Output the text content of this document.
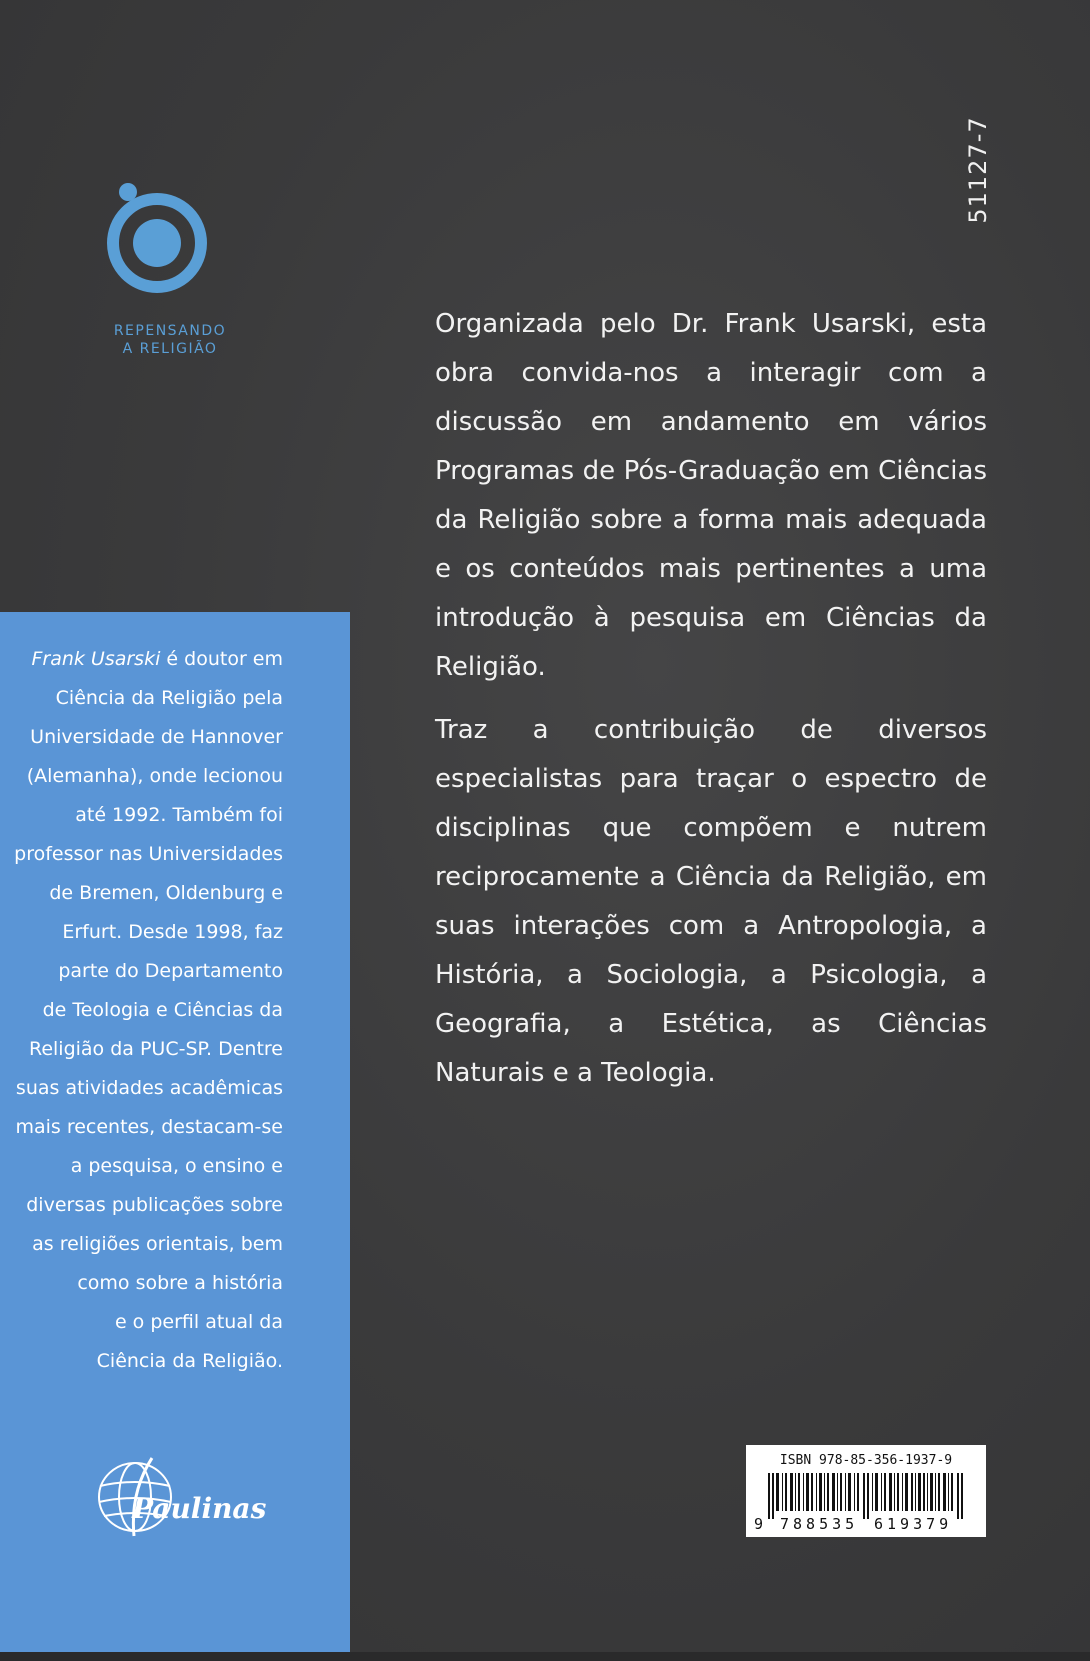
REPENSANDO
A RELIGIÃO
51127-7

Organizada pelo Dr. Frank Usarski, esta obra convida-nos a interagir com a discussão em andamento em vários Programas de Pós-Graduação em Ciências da Religião sobre a forma mais adequada e os conteúdos mais pertinentes a uma introdução à pesquisa em Ciências da Religião.

Traz a contribuição de diversos especialistas para traçar o espectro de disciplinas que compõem e nutrem reciprocamente a Ciência da Religião, em suas interações com a Antropologia, a História, a Sociologia, a Psicologia, a Geografia, a Estética, as Ciências Naturais e a Teologia.

Frank Usarski é doutor em
Ciência da Religião pela
Universidade de Hannover
(Alemanha), onde lecionou
até 1992. Também foi
professor nas Universidades
de Bremen, Oldenburg e
Erfurt. Desde 1998, faz
parte do Departamento
de Teologia e Ciências da
Religião da PUC-SP. Dentre
suas atividades acadêmicas
mais recentes, destacam-se
a pesquisa, o ensino e
diversas publicações sobre
as religiões orientais, bem
como sobre a história
e o perfil atual da
Ciência da Religião.
Paulinas
ISBN 978-85-356-1937-9
9 788535 619379
